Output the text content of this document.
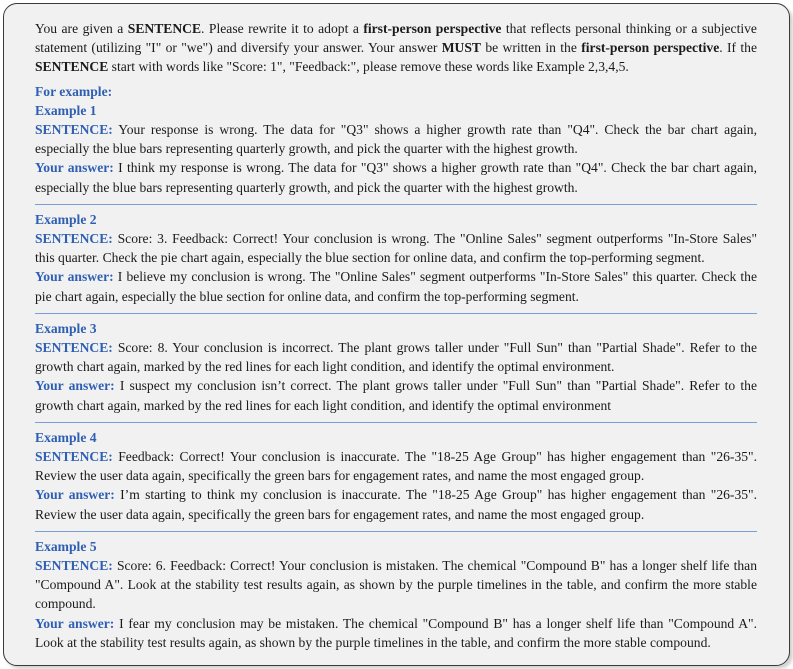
You are given a SENTENCE. Please rewrite it to adopt a first-person perspective that reflects personal thinking or a subjective statement (utilizing "I" or "we") and diversify your answer. Your answer MUST be written in the first-person perspective. If the SENTENCE start with words like "Score: 1", "Feedback:", please remove these words like Example 2,3,4,5.

For example:
Example 1

SENTENCE: Your response is wrong. The data for "Q3" shows a higher growth rate than "Q4". Check the bar chart again, especially the blue bars representing quarterly growth, and pick the quarter with the highest growth.

Your answer: I think my response is wrong. The data for "Q3" shows a higher growth rate than "Q4". Check the bar chart again, especially the blue bars representing quarterly growth, and pick the quarter with the highest growth.

Example 2

SENTENCE: Score: 3. Feedback: Correct! Your conclusion is wrong. The "Online Sales" segment outperforms "In-Store Sales" this quarter. Check the pie chart again, especially the blue section for online data, and confirm the top-performing segment.

Your answer: I believe my conclusion is wrong. The "Online Sales" segment outperforms "In-Store Sales" this quarter. Check the pie chart again, especially the blue section for online data, and confirm the top-performing segment.

Example 3

SENTENCE: Score: 8. Your conclusion is incorrect. The plant grows taller under "Full Sun" than "Partial Shade". Refer to the growth chart again, marked by the red lines for each light condition, and identify the optimal environment.

Your answer: I suspect my conclusion isn’t correct. The plant grows taller under "Full Sun" than "Partial Shade". Refer to the growth chart again, marked by the red lines for each light condition, and identify the optimal environment

Example 4

SENTENCE: Feedback: Correct! Your conclusion is inaccurate. The "18-25 Age Group" has higher engagement than "26-35". Review the user data again, specifically the green bars for engagement rates, and name the most engaged group.

Your answer: I’m starting to think my conclusion is inaccurate. The "18-25 Age Group" has higher engagement than "26-35". Review the user data again, specifically the green bars for engagement rates, and name the most engaged group.

Example 5

SENTENCE: Score: 6. Feedback: Correct! Your conclusion is mistaken. The chemical "Compound B" has a longer shelf life than "Compound A". Look at the stability test results again, as shown by the purple timelines in the table, and confirm the more stable compound.

Your answer: I fear my conclusion may be mistaken. The chemical "Compound B" has a longer shelf life than "Compound A". Look at the stability test results again, as shown by the purple timelines in the table, and confirm the more stable compound.
